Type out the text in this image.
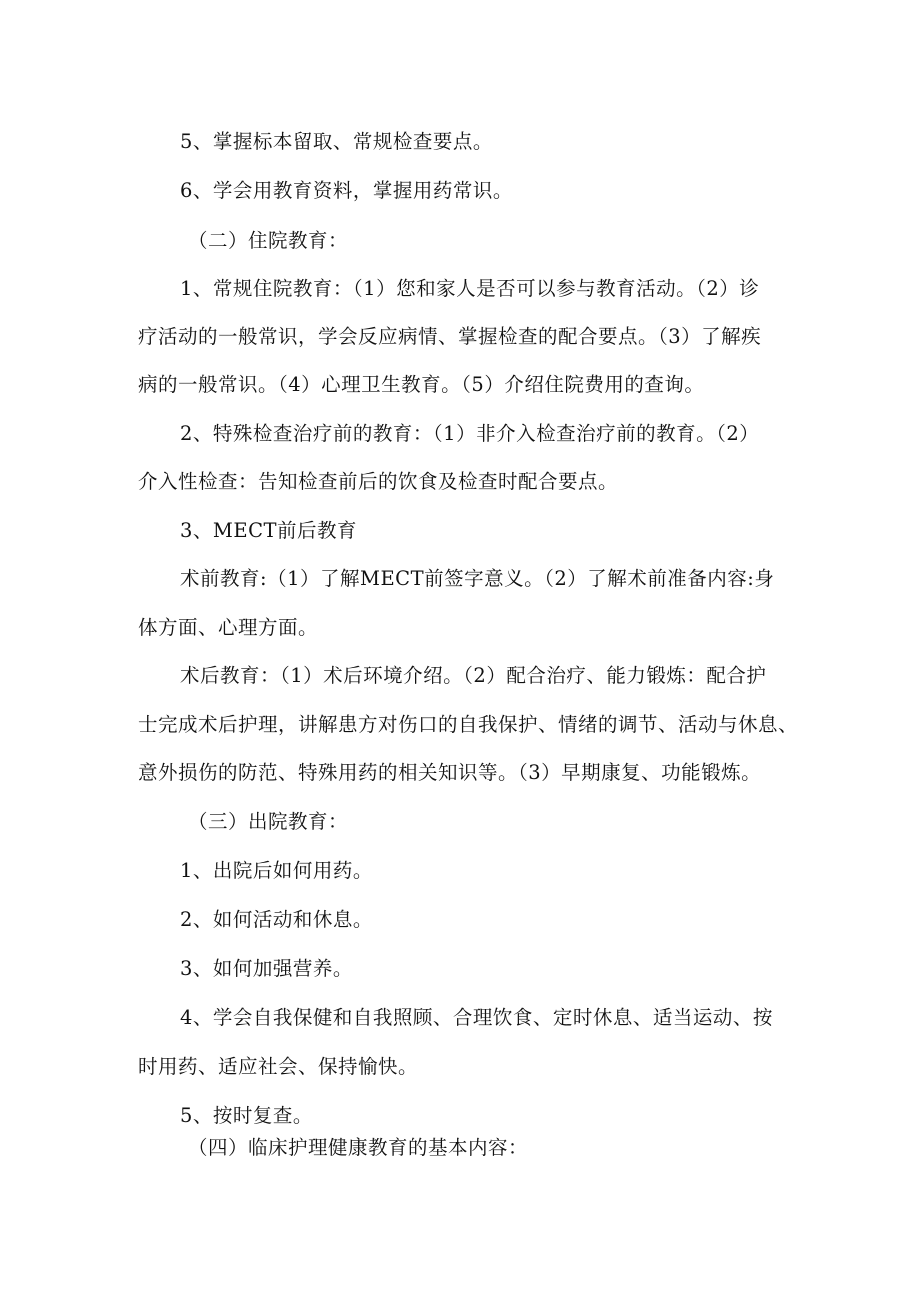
5、掌握标本留取、常规检查要点。
6、学会用教育资料，掌握用药常识。
（二）住院教育：
1、常规住院教育：（1）您和家人是否可以参与教育活动。（2）诊
疗活动的一般常识，学会反应病情、掌握检查的配合要点。（3）了解疾
病的一般常识。（4）心理卫生教育。（5）介绍住院费用的查询。
2、特殊检查治疗前的教育：（1）非介入检查治疗前的教育。（2）
介入性检查：告知检查前后的饮食及检查时配合要点。
3、MECT前后教育
术前教育:（1）了解MECT前签字意义。（2）了解术前准备内容:身
体方面、心理方面。
术后教育：（1）术后环境介绍。（2）配合治疗、能力锻炼：配合护
士完成术后护理，讲解患方对伤口的自我保护、情绪的调节、活动与休息、
意外损伤的防范、特殊用药的相关知识等。（3）早期康复、功能锻炼。
（三）出院教育：
1、出院后如何用药。
2、如何活动和休息。
3、如何加强营养。
4、学会自我保健和自我照顾、合理饮食、定时休息、适当运动、按
时用药、适应社会、保持愉快。
5、按时复查。
（四）临床护理健康教育的基本内容：
